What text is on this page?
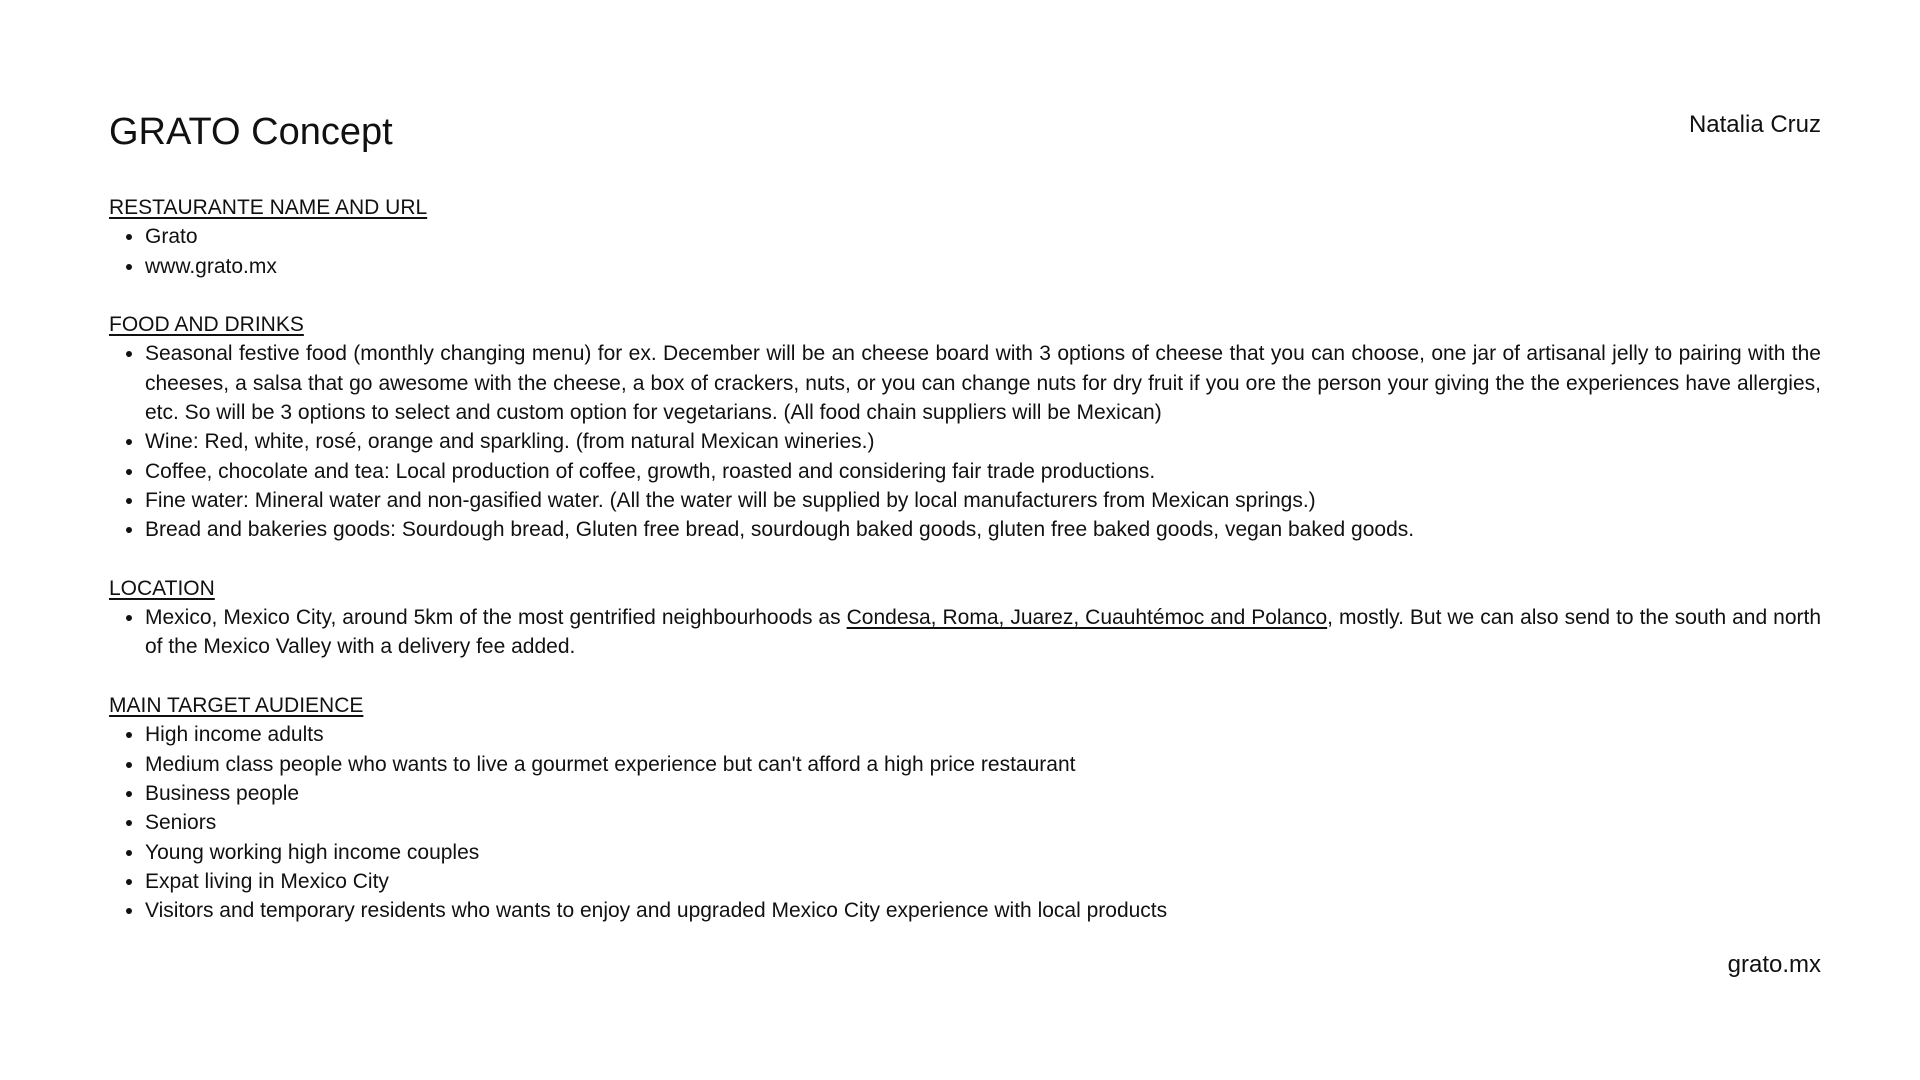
GRATO Concept	Natalia Cruz
RESTAURANTE NAME AND URL
• Grato
• www.grato.mx
FOOD AND DRINKS
• Seasonal festive food (monthly changing menu) for ex. December will be an cheese board with 3 options of cheese that you can choose, one jar of artisanal jelly to pairing with the cheeses, a salsa that go awesome with the cheese, a box of crackers, nuts, or you can change nuts for dry fruit if you ore the person your giving the the experiences have allergies, etc. So will be 3 options to select and custom option for vegetarians. (All food chain suppliers will be Mexican)
• Wine: Red, white, rosé, orange and sparkling. (from natural Mexican wineries.)
• Coffee, chocolate and tea: Local production of coffee, growth, roasted and considering fair trade productions.
• Fine water: Mineral water and non-gasified water. (All the water will be supplied by local manufacturers from Mexican springs.)
• Bread and bakeries goods: Sourdough bread, Gluten free bread, sourdough baked goods, gluten free baked goods, vegan baked goods.
LOCATION
• Mexico, Mexico City, around 5km of the most gentrified neighbourhoods as Condesa, Roma, Juarez, Cuauhtémoc and Polanco, mostly. But we can also send to the south and north of the Mexico Valley with a delivery fee added.
MAIN TARGET AUDIENCE
• High income adults
• Medium class people who wants to live a gourmet experience but can't afford a high price restaurant
• Business people
• Seniors
• Young working high income couples
• Expat living in Mexico City
• Visitors and temporary residents who wants to enjoy and upgraded Mexico City experience with local products
grato.mx
